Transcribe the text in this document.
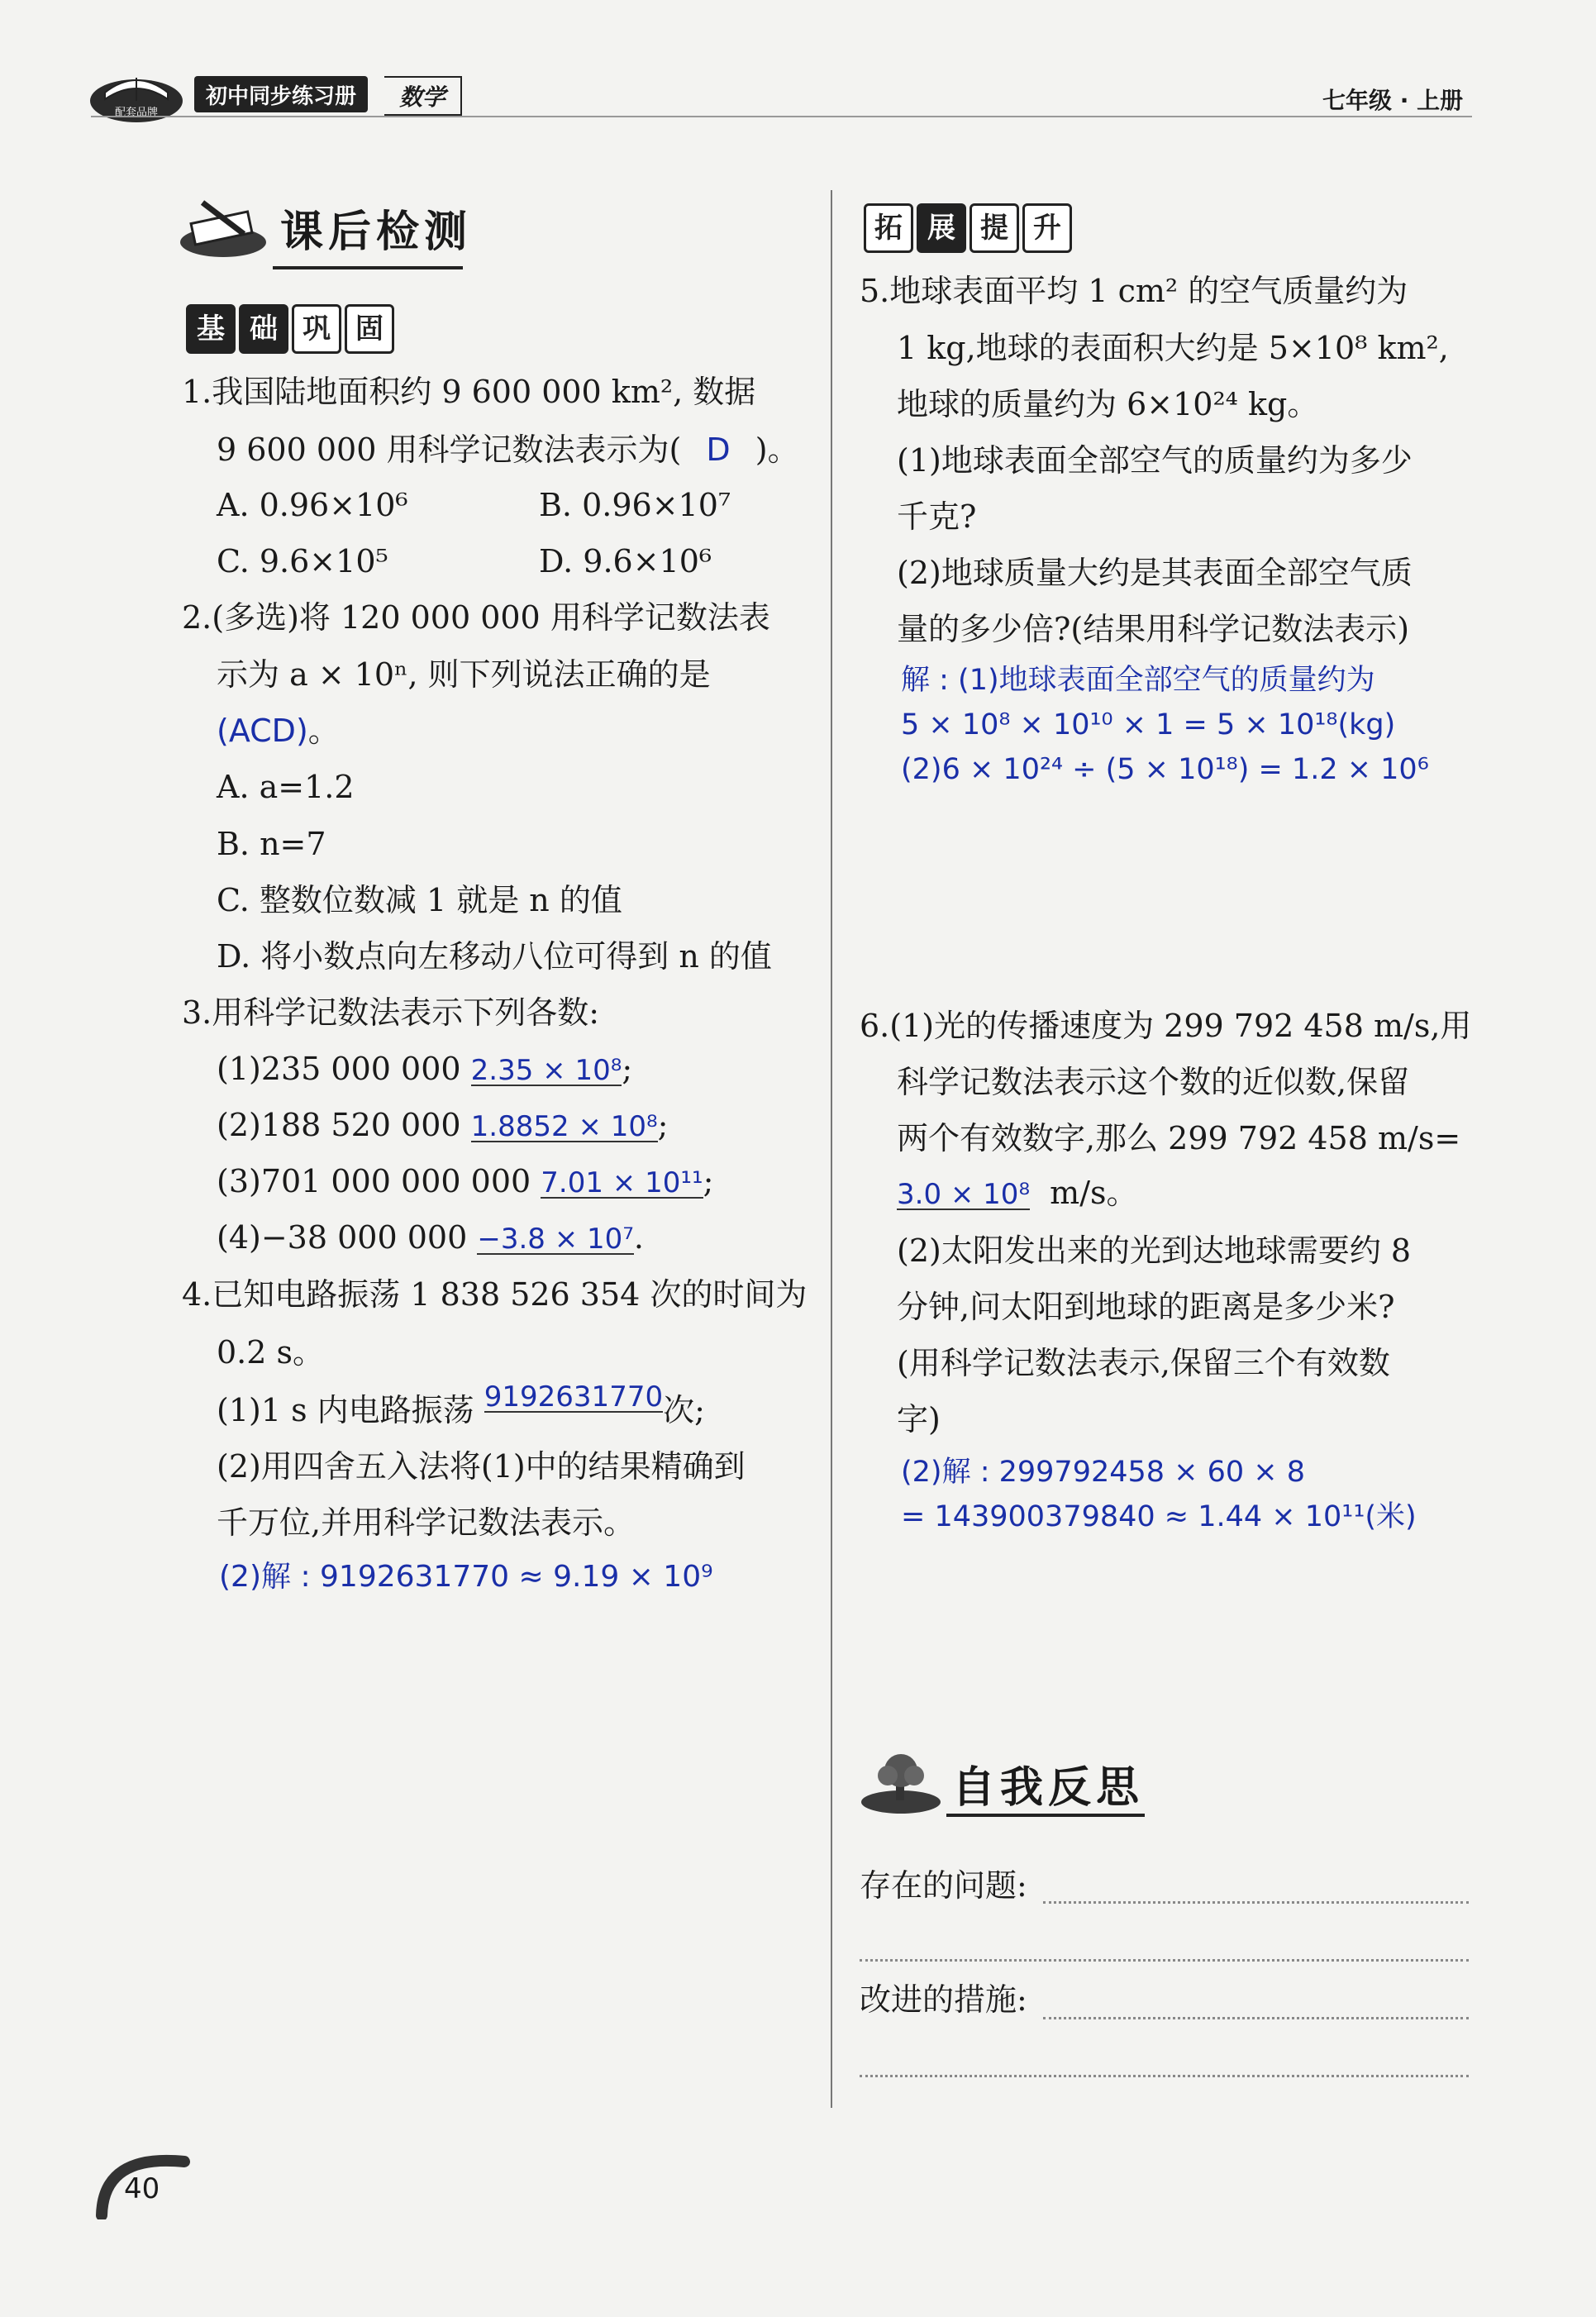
配套品牌
初中同步练习册 数学	七年级 · 上册
课后检测
基 础 巩 固
1.我国陆地面积约 9 600 000 km², 数据
9 600 000 用科学记数法表示为( D )。
A. 0.96×10⁶	B. 0.96×10⁷
C. 9.6×10⁵	D. 9.6×10⁶
2.(多选)将 120 000 000 用科学记数法表
示为 a × 10ⁿ, 则下列说法正确的是
(ACD)。
A. a=1.2
B. n=7
C. 整数位数减 1 就是 n 的值
D. 将小数点向左移动八位可得到 n 的值
3.用科学记数法表示下列各数:
(1)235 000 000 2.35 × 10⁸;
(2)188 520 000 1.8852 × 10⁸;
(3)701 000 000 000 7.01 × 10¹¹;
(4)−38 000 000 −3.8 × 10⁷.
4.已知电路振荡 1 838 526 354 次的时间为
0.2 s。
(1)1 s 内电路振荡 9192631770次;
(2)用四舍五入法将(1)中的结果精确到
千万位,并用科学记数法表示。
(2)解 : 9192631770 ≈ 9.19 × 10⁹
拓 展 提 升
5.地球表面平均 1 cm² 的空气质量约为
1 kg,地球的表面积大约是 5×10⁸ km²,
地球的质量约为 6×10²⁴ kg。
(1)地球表面全部空气的质量约为多少
千克?
(2)地球质量大约是其表面全部空气质
量的多少倍?(结果用科学记数法表示)
解 : (1)地球表面全部空气的质量约为
5 × 10⁸ × 10¹⁰ × 1 = 5 × 10¹⁸(kg)
(2)6 × 10²⁴ ÷ (5 × 10¹⁸) = 1.2 × 10⁶
6.(1)光的传播速度为 299 792 458 m/s,用
科学记数法表示这个数的近似数,保留
两个有效数字,那么 299 792 458 m/s=
3.0 × 10⁸ m/s。
(2)太阳发出来的光到达地球需要约 8
分钟,问太阳到地球的距离是多少米?
(用科学记数法表示,保留三个有效数
字)
(2)解 : 299792458 × 60 × 8
= 143900379840 ≈ 1.44 × 10¹¹(米)
自我反思
存在的问题:
改进的措施:
40
